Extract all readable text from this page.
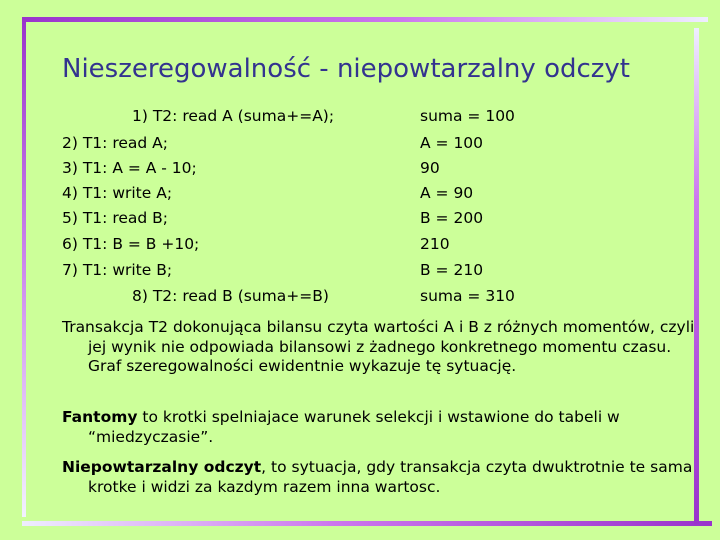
Nieszeregowalność - niepowtarzalny odczyt
1) T2: read A (suma+=A);	suma = 100
2) T1: read A;	A = 100
3) T1: A = A - 10;	90
4) T1: write A;	A = 90
5) T1: read B;	B = 200
6) T1: B = B +10;	210
7) T1: write B;	B = 210
8) T2: read B (suma+=B)	suma = 310
Transakcja T2 dokonująca bilansu czyta wartości A i B z różnych momentów, czyli jej wynik nie odpowiada bilansowi z żadnego konkretnego momentu czasu. Graf szeregowalności ewidentnie wykazuje tę sytuację.
Fantomy to krotki spelniajace warunek selekcji i wstawione do tabeli w “miedzyczasie”.
Niepowtarzalny odczyt, to sytuacja, gdy transakcja czyta dwuktrotnie te sama krotke i widzi za kazdym razem inna wartosc.
